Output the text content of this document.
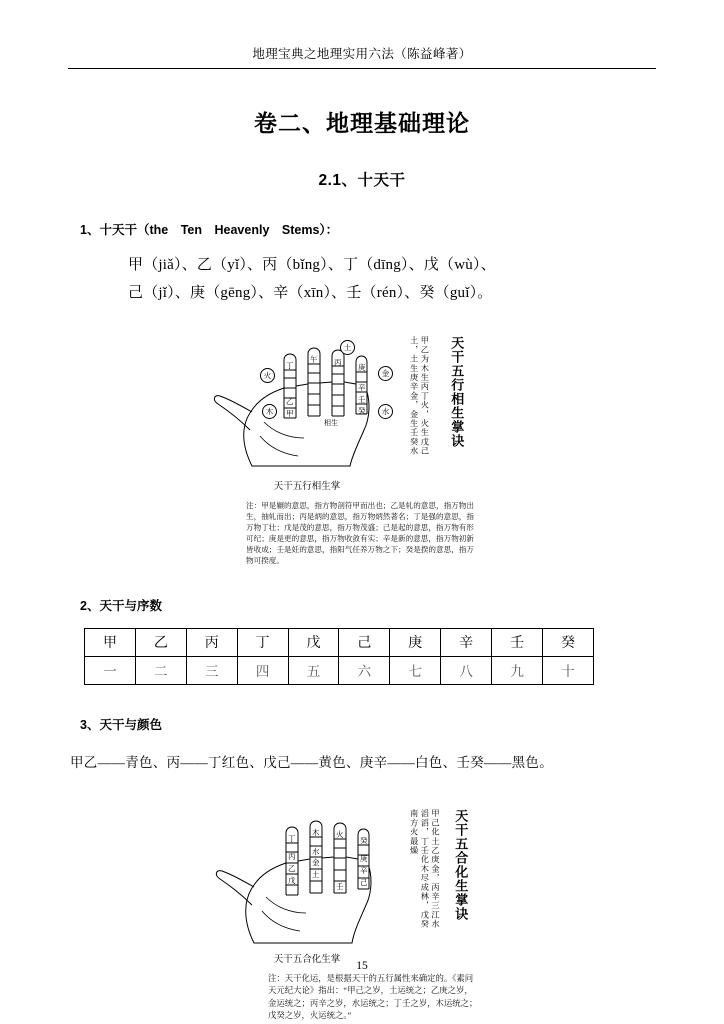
地理宝典之地理实用六法（陈益峰著）
卷二、地理基础理论
2.1、十天干
1、十天干（the　Ten　Heavenly　Stems）：
甲（jiǎ）、乙（yǐ）、丙（bǐng）、丁（dīng）、戊（wù）、
己（jǐ）、庚（gēng）、辛（xīn）、壬（rén）、癸（guǐ）。
丁
午 丙
庚
辛
壬
癸
甲
乙
相生
火
土
金
水
木	甲乙为木生丙丁火，火生戊己土，土生庚辛金，金生壬癸水	天干五行相生掌诀
天干五行相生掌
注：甲是辗的意思，指方物剖符甲而出也；乙是轧的意思，指万物出生，抽轧而出；丙是炳的意思，指万物炳然著名；丁是强的意思，指万物丁壮；戊是茂的意思，指万物茂盛；己是起的意思，指万物有形可纪；庚是更的意思，指万物收敛有实；辛是新的意思，指万物初新皆收成；壬是妊的意思，指阳气任养万物之下；癸是揆的意思，指万物可揆度。
2、天干与序数
甲	乙	丙	丁	戊	己	庚	辛	壬	癸
一	二	三	四	五	六	七	八	九	十
3、天干与颜色
甲乙——青色、丙——丁红色、戊己——黄色、庚辛——白色、壬癸——黑色。
丁
木 火
癸
丙
水
乙
金
戊
土
庚
辛
己
壬	甲己化土乙庚金，丙辛三江水滔滔，丁壬化木尽成林，戊癸南方火最燥	天干五合化生掌诀
天干五合化生掌
注：天干化运，是根据天干的五行属性来确定的。《素问天元纪大论》指出：“甲己之岁，土运统之；乙庚之岁，金运统之；丙辛之岁，水运统之；丁壬之岁，木运统之；戊癸之岁，火运统之。”
15
